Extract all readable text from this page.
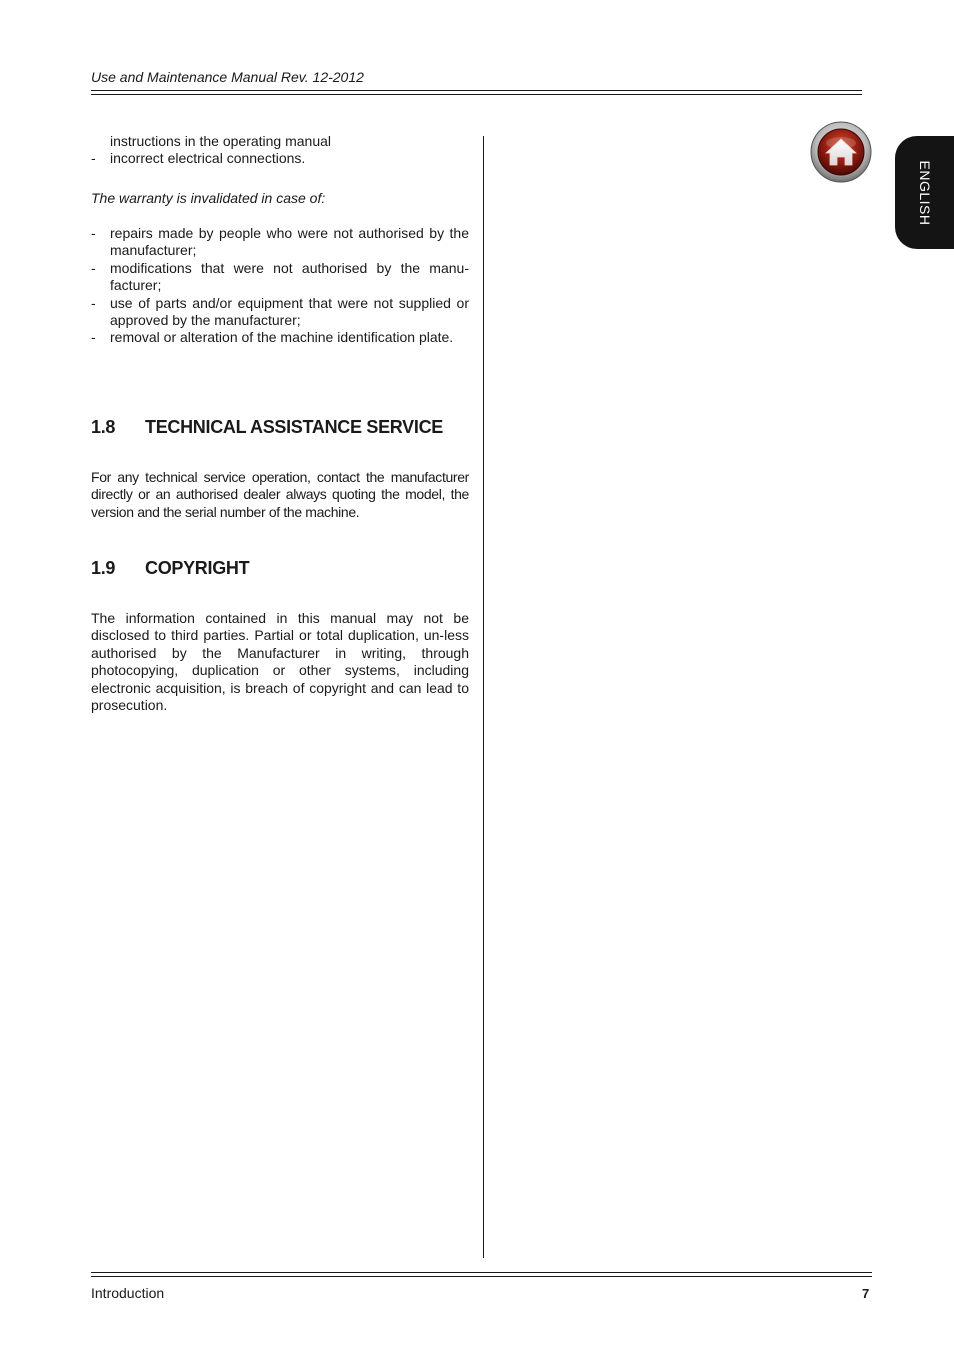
Use and Maintenance Manual Rev. 12-2012
ENGLISH

instructions in the operating manual

- incorrect electrical connections.

The warranty is invalidated in case of:

- repairs made by people who were not authorised by the manufacturer;
- modifications that were not authorised by the manu-facturer;
- use of parts and/or equipment that were not supplied or approved by the manufacturer;
- removal or alteration of the machine identification plate.
1.8 TECHNICAL ASSISTANCE SERVICE

For any technical service operation, contact the manufacturer directly or an authorised dealer always quoting the model, the version and the serial number of the machine.

1.9 COPYRIGHT

The information contained in this manual may not be disclosed to third parties. Partial or total duplication, un-less authorised by the Manufacturer in writing, through photocopying, duplication or other systems, including electronic acquisition, is breach of copyright and can lead to prosecution.

Introduction	7
